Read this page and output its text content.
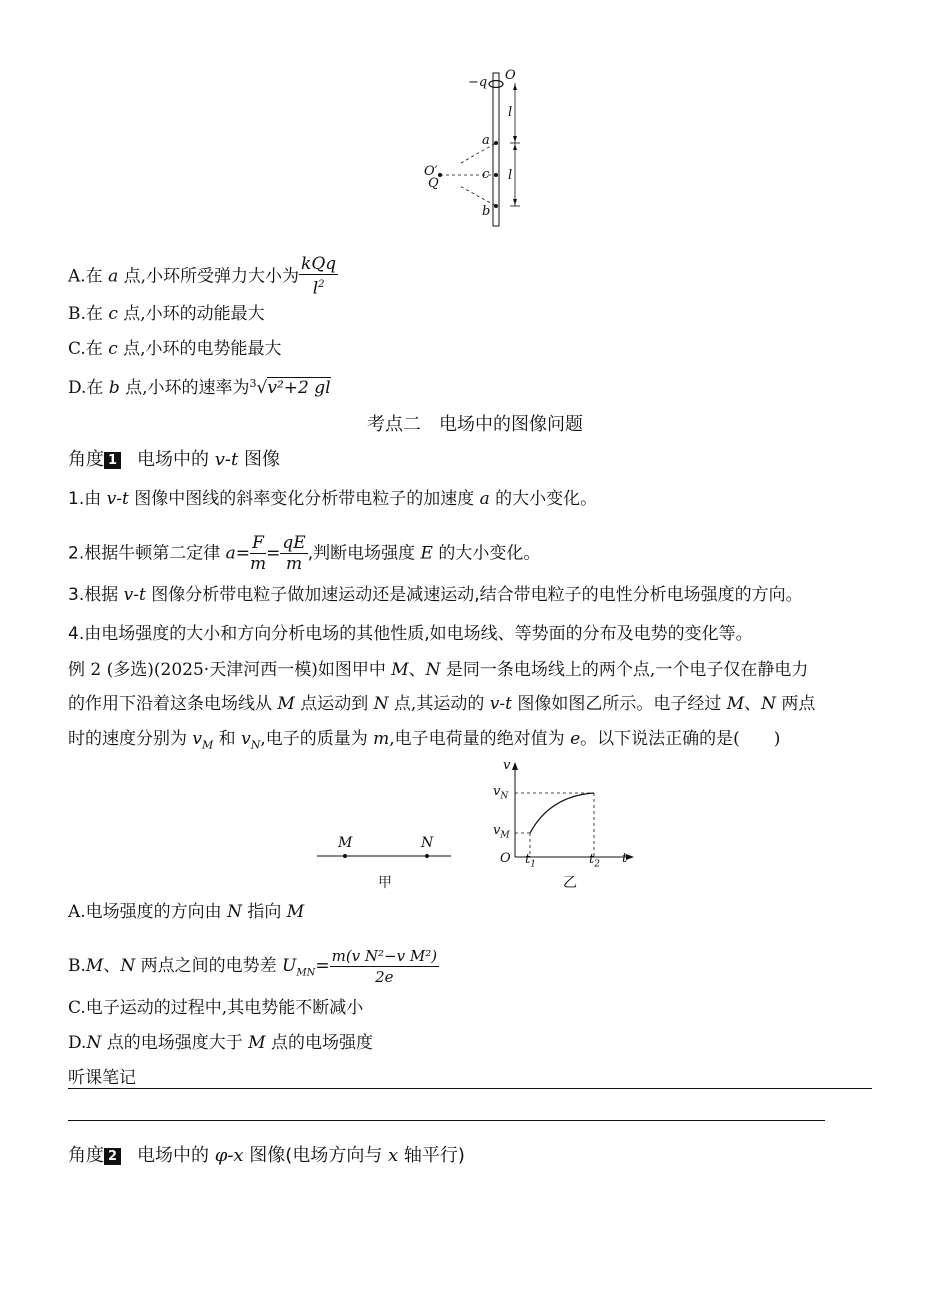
−q O
l
a
l
O′
Q
c
b
A.在 a 点,小环所受弹力大小为 $\frac{\text{kQq}}{l^2}$
B.在 c 点,小环的动能最大
C.在 c 点,小环的电势能最大
D.在 b 点,小环的速率为$^3$√v²+2 gl
考点二　电场中的图像问题
角度 1 电场中的 v-t 图像
1.由 v-t 图像中图线的斜率变化分析带电粒子的加速度 a 的大小变化。
2.根据牛顿第二定律 $a= \frac{F}{m} = \frac{qE}{m}$ ,判断电场强度 E 的大小变化。
3.根据 v-t 图像分析带电粒子做加速运动还是减速运动,结合带电粒子的电性分析电场强度的方向。
4.由电场强度的大小和方向分析电场的其他性质,如电场线、等势面的分布及电势的变化等。
例 2 (多选)(2025·天津河西一模)如图甲中 M、N 是同一条电场线上的两个点,一个电子仅在静电力
的作用下沿着这条电场线从 M 点运动到 N 点,其运动的 v-t 图像如图乙所示。电子经过 M、N 两点
时的速度分别为 $v_M$ 和 $v_N$,电子的质量为 m,电子电荷量的绝对值为 e。以下说法正确的是(　　)
M	N
甲
v
$v_N$
$v_M$
O $t_1$	$t_2$ t
乙
A.电场强度的方向由 N 指向 M
B.M、N 两点之间的电势差 $U_{MN}= \frac{\text{m(v N²−v M²)}}{2e}$
C.电子运动的过程中,其电势能不断减小
D.N 点的电场强度大于 M 点的电场强度
听课笔记
角度 2 电场中的 φ-x 图像(电场方向与 x 轴平行)
